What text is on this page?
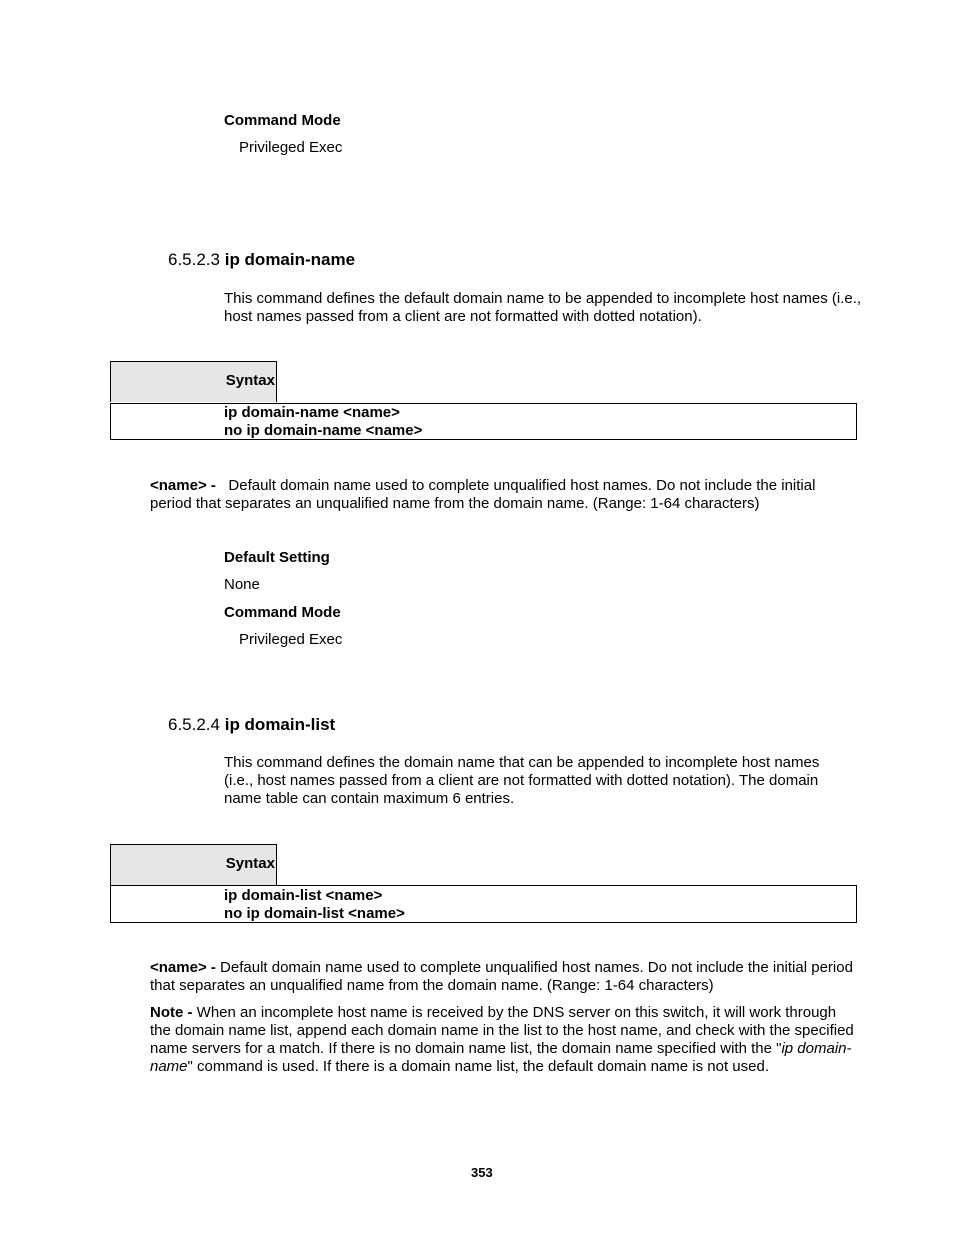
Command Mode
Privileged Exec
6.5.2.3 ip domain-name
This command defines the default domain name to be appended to incomplete host names (i.e., host names passed from a client are not formatted with dotted notation).
Syntax
ip domain-name <name>
no ip domain-name <name>
<name> - Default domain name used to complete unqualified host names. Do not include the initial period that separates an unqualified name from the domain name. (Range: 1-64 characters)
Default Setting
None
Command Mode
Privileged Exec
6.5.2.4 ip domain-list
This command defines the domain name that can be appended to incomplete host names (i.e., host names passed from a client are not formatted with dotted notation). The domain name table can contain maximum 6 entries.
Syntax
ip domain-list <name>
no ip domain-list <name>
<name> - Default domain name used to complete unqualified host names. Do not include the initial period that separates an unqualified name from the domain name. (Range: 1-64 characters)
Note - When an incomplete host name is received by the DNS server on this switch, it will work through the domain name list, append each domain name in the list to the host name, and check with the specified name servers for a match. If there is no domain name list, the domain name specified with the "ip domain-name" command is used. If there is a domain name list, the default domain name is not used.
353
